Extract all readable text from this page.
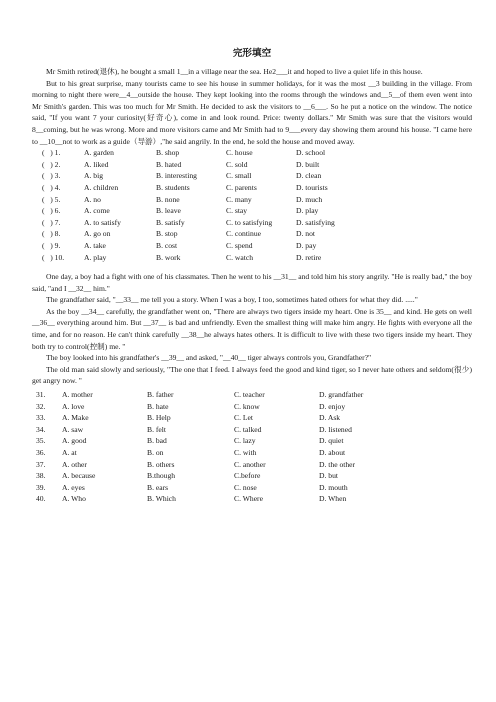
完形填空

Mr Smith retired(退休), he bought a small 1__in a village near the sea. He2___it and hoped to live a quiet life in this house.

But to his great surprise, many tourists came to see his house in summer holidays, for it was the most __3 building in the village. From morning to night there were__4__outside the house. They kept looking into the rooms through the windows and__5__of them even went into Mr Smith's garden. This was too much for Mr Smith. He decided to ask the visitors to __6___. So he put a notice on the window. The notice said, "If you want 7 your curiosity(好奇心), come in and look round. Price: twenty dollars." Mr Smith was sure that the visitors would 8__coming, but he was wrong. More and more visitors came and Mr Smith had to 9___every day showing them around his house. "I came here to __10__not to work as a guide（导游）,"he said angrily. In the end, he sold the house and moved away.

(   ) 1.	A. garden	B. shop	C. house	D. school
(   ) 2.	A. liked	B. hated	C. sold	D. built
(   ) 3.	A. big	B. interesting	C. small	D. clean
(   ) 4.	A. children	B. students	C. parents	D. tourists
(   ) 5.	A. no	B. none	C. many	D. much
(   ) 6.	A. come	B. leave	C. stay	D. play
(   ) 7.	A. to satisfy	B. satisfy	C. to satisfying	D. satisfying
(   ) 8.	A. go on	B. stop	C. continue	D. not
(   ) 9.	A. take	B. cost	C. spend	D. pay
(   ) 10.	A. play	B. work	C. watch	D. retire

One day, a boy had a fight with one of his classmates. Then he went to his __31__ and told him his story angrily. "He is really bad," the boy said, "and I __32__ him."

The grandfather said, "__33__ me tell you a story. When I was a boy, I too, sometimes hated others for what they did. ....."

As the boy __34__ carefully, the grandfather went on, "There are always two tigers inside my heart. One is 35__ and kind. He gets on well __36__ everything around him. But __37__ is bad and unfriendly. Even the smallest thing will make him angry. He fights with everyone all the time, and for no reason. He can't think carefully __38__he always hates others. It is difficult to live with these two tigers inside my heart. They both try to control(控制) me. "

The boy looked into his grandfather's __39__ and asked, "__40__ tiger always controls you, Grandfather?"

The old man said slowly and seriously, "The one that I feed. I always feed the good and kind tiger, so I never hate others and seldom(很少) get angry now. "

31.	A. mother	B. father	C. teacher	D. grandfather
32.	A. love	B. hate	C. know	D. enjoy
33.	A. Make	B. Help	C. Let	D. Ask
34.	A. saw	B. felt	C. talked	D. listened
35.	A. good	B. bad	C. lazy	D. quiet
36.	A. at	B. on	C. with	D. about
37.	A. other	B. others	C. another	D. the other
38.	A. because	B.though	C.before	D. but
39.	A. eyes	B. ears	C. nose	D. mouth
40.	A. Who	B. Which	C. Where	D. When
